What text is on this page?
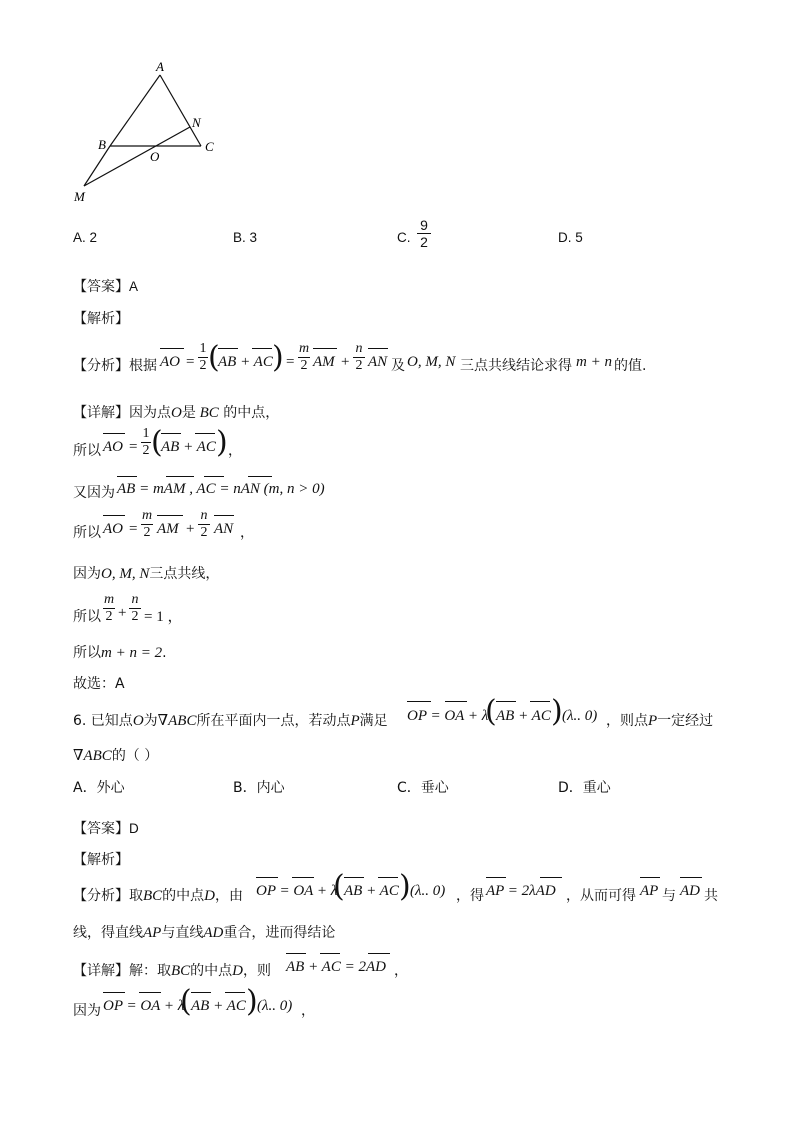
A
B	C
N
O
M
A. 2	B. 3	C.
9
2	D. 5
【答案】A
【解析】
【分析】根据 AO =
1
2 (
AB + AC ) =
m
2 AM +
n
2 AN 及 O, M, N 三点共线结论求得 m + n 的值.
【详解】因为点O是 BC 的中点，
所以 AO =
1
2 (
AB + AC ) ，
又因为 AB = mAM , AC = nAN (m, n > 0)
所以 AO =
m
2 AM +
n
2 AN ，
因为O, M, N三点共线，
所以
m
2 +
n
2 = 1 ，
所以m + n = 2.
故选：A
6. 已知点O为∇ABC所在平面内一点，若动点P满足 OP = OA + λ
( AB + AC ) (λ.. 0) ，则点P一定经过
∇ABC的（ ）
A．外心	B．内心	C．垂心	D．重心
【答案】D
【解析】
【分析】取BC的中点D，由 OP = OA + λ
( AB + AC ) (λ.. 0) ，得 AP = 2λAD ，从而可得 AP 与 AD 共
线，得直线AP与直线AD重合，进而得结论
【详解】解：取BC的中点D，则 AB + AC = 2AD ，
因为 OP = OA + λ
( AB + AC ) (λ.. 0) ，
